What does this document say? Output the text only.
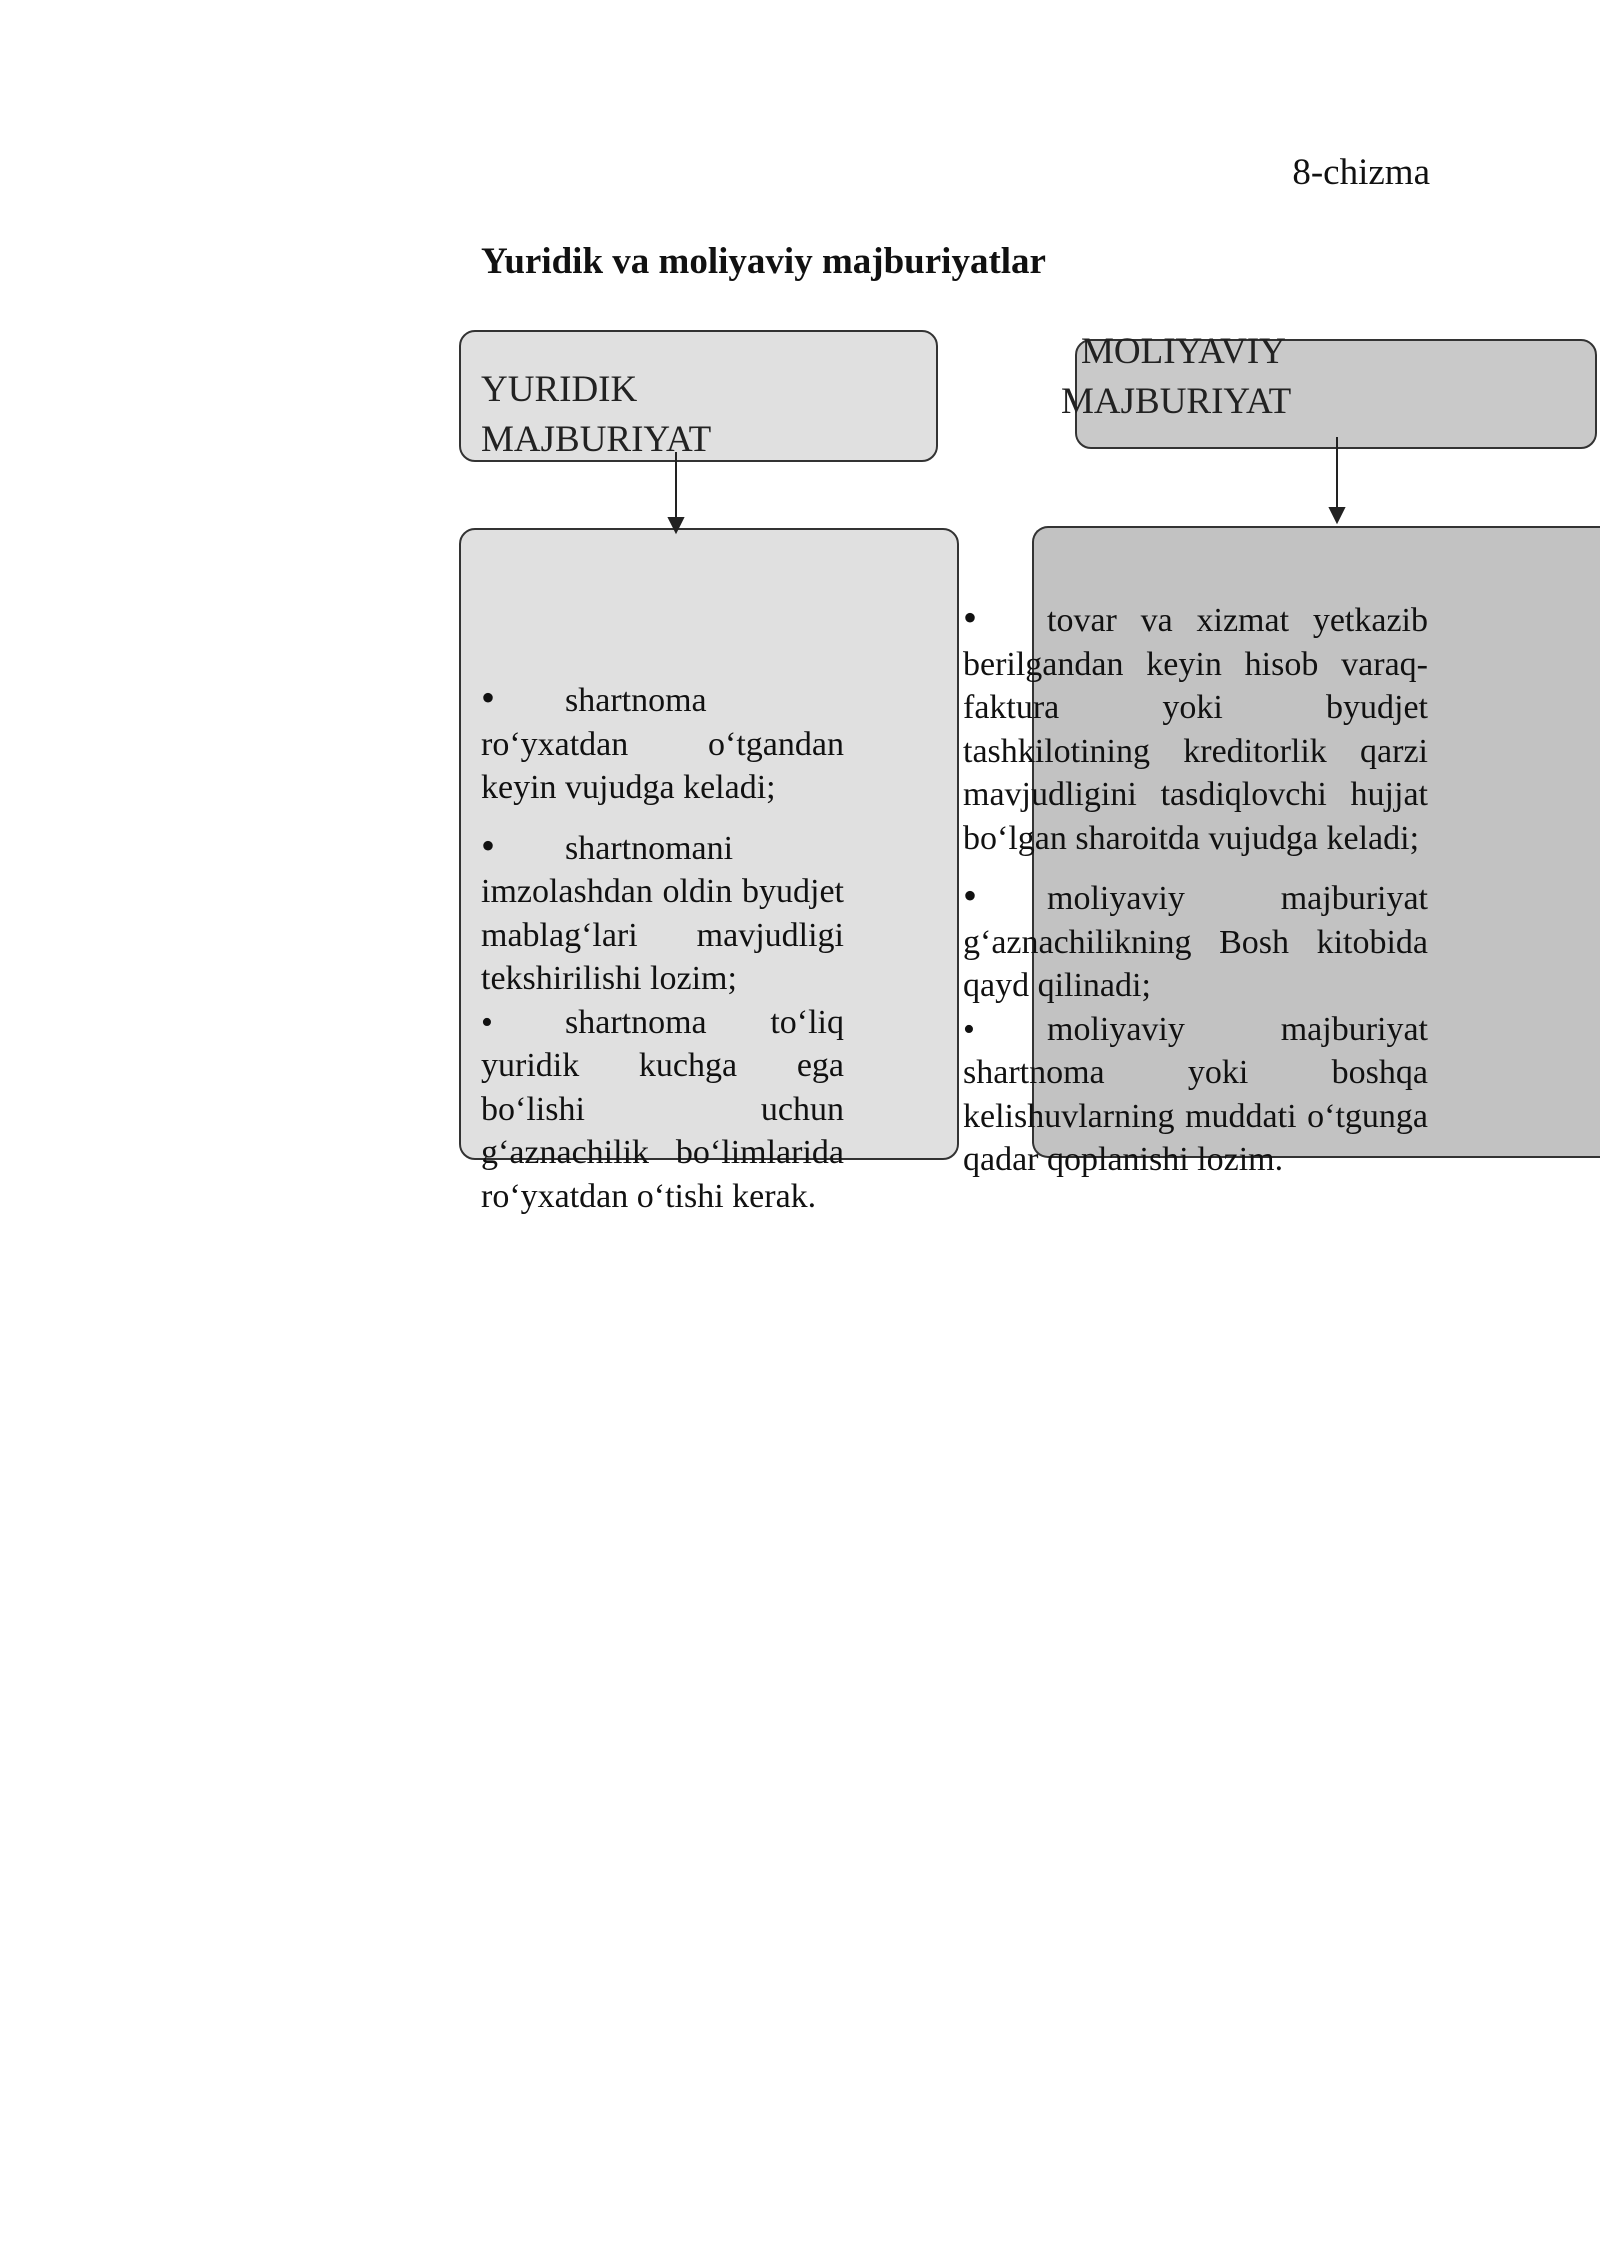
8-chizma
Yuridik va moliyaviy majburiyatlar
YURIDIK
MAJBURIYAT
MOLIYAVIY
MAJBURIYAT
• shartnoma ro‘yxatdan o‘tgandan keyin vujudga keladi;
• shartnomani imzolashdan oldin byudjet mablag‘lari mavjudligi tekshirilishi lozim;
• shartnoma to‘liq yuridik kuchga ega bo‘lishi uchun g‘aznachilik bo‘limlarida ro‘yxatdan o‘tishi kerak.
• tovar va xizmat yetkazib berilgandan keyin hisob varaq-faktura yoki byudjet tashkilotining kreditorlik qarzi mavjudligini tasdiqlovchi hujjat bo‘lgan sharoitda vujudga keladi;
• moliyaviy majburiyat g‘aznachilikning Bosh kitobida qayd qilinadi;
• moliyaviy majburiyat shartnoma yoki boshqa kelishuvlarning muddati o‘tgunga qadar qoplanishi lozim.
